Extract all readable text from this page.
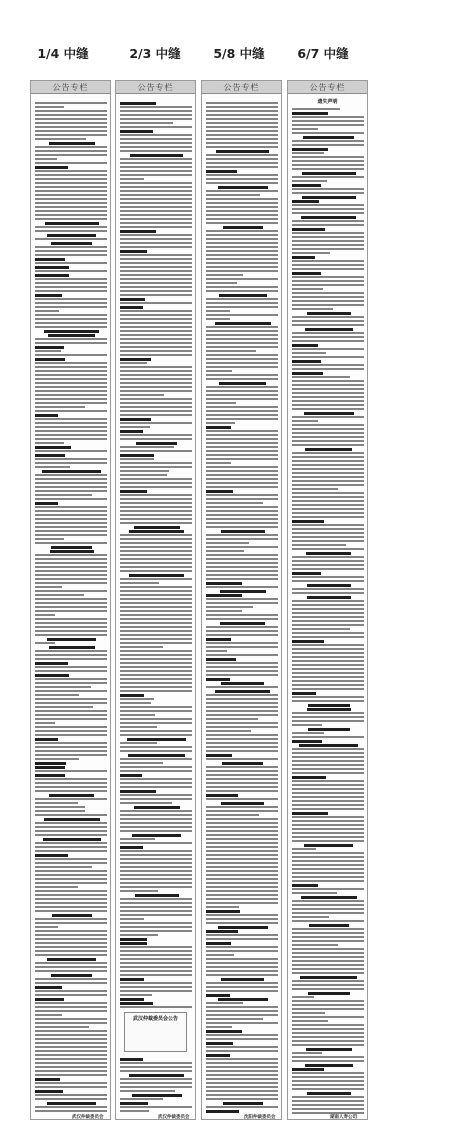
1/4 中缝	2/3 中缝	5/8 中缝	6/7 中缝
公告专栏	公告专栏
武汉仲裁委员会公告
公告专栏	公告专栏
遗失声明
武汉仲裁委员会	武汉仲裁委员会	沈阳仲裁委员会	湖南人寿公司
